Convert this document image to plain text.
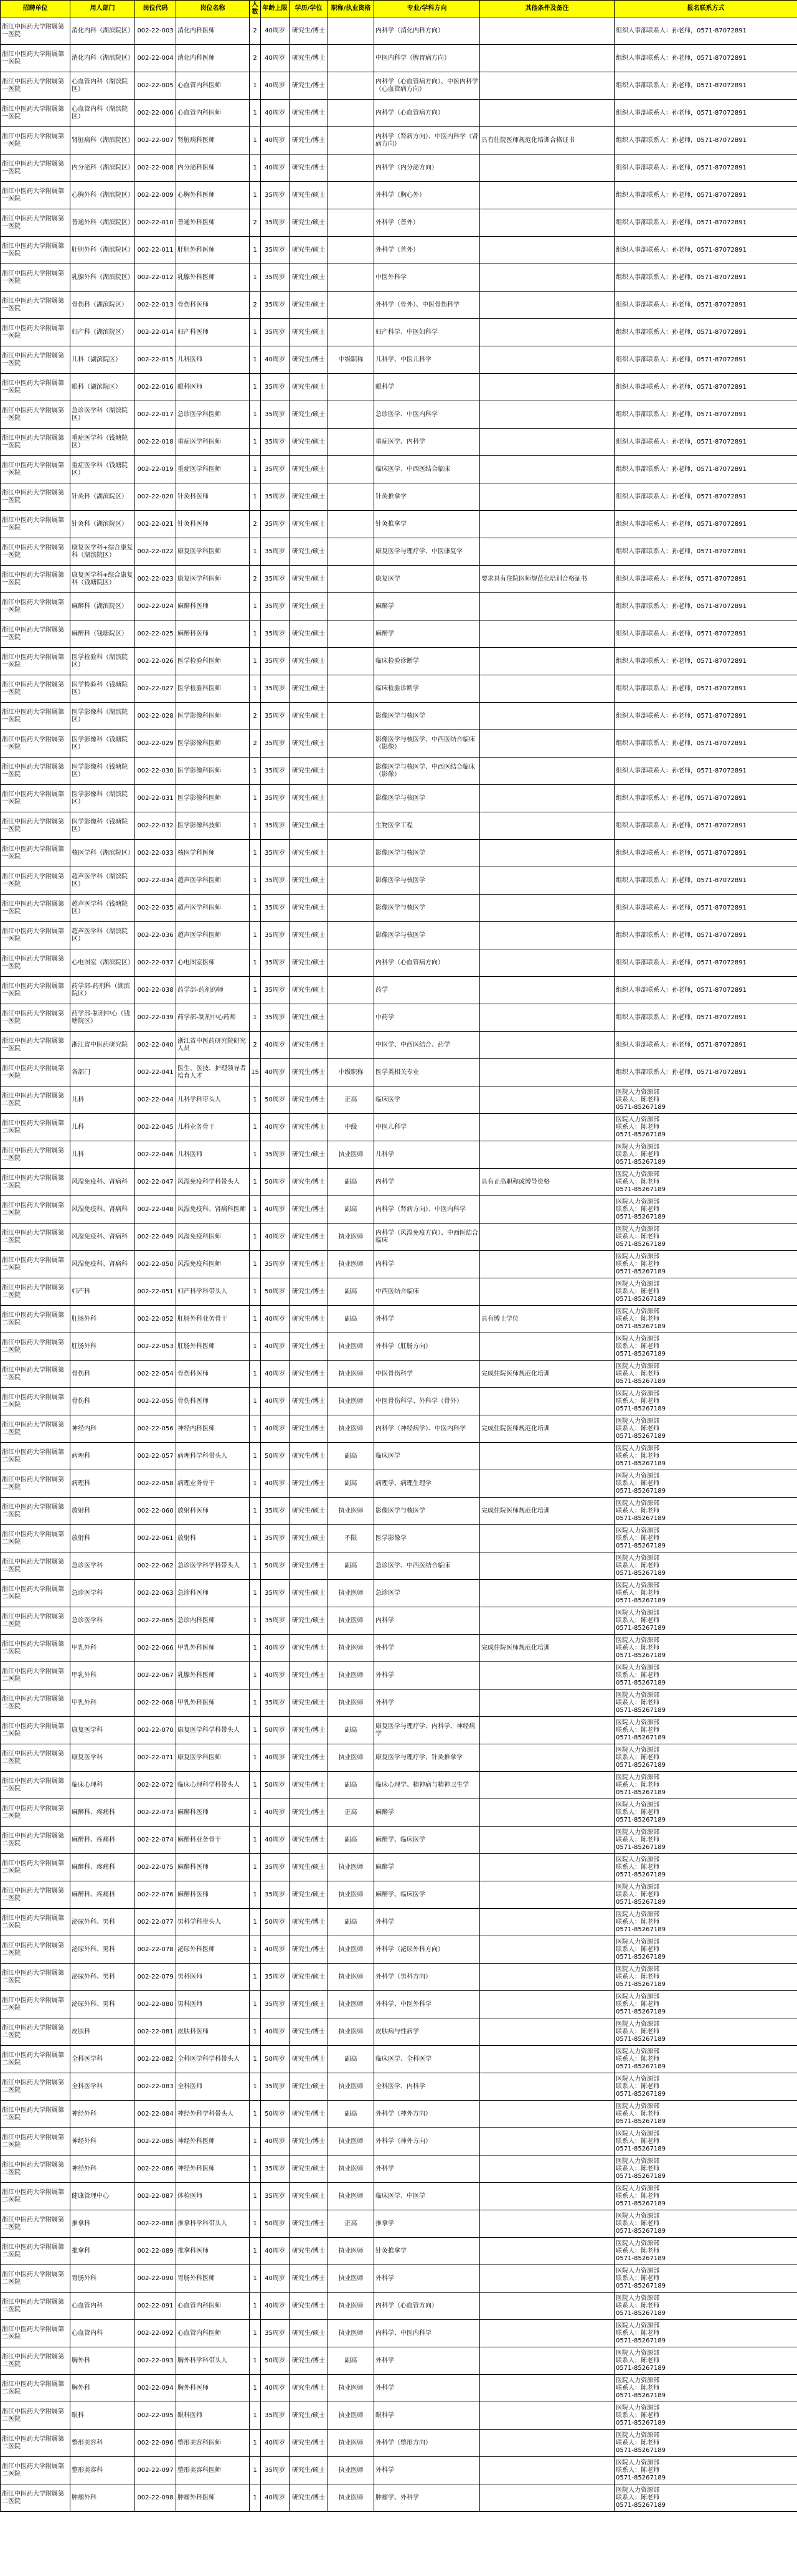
招聘单位	用人部门	岗位代码	岗位名称	人数	年龄上限	学历/学位	职称/执业资格	专业/学科方向	其他条件及备注	报名联系方式
浙江中医药大学附属第一医院	消化内科（湖滨院区）	002-22-003	消化内科医师	2	40周岁	研究生/博士		内科学（消化内科方向）		组织人事部联系人：孙老师，0571-87072891
浙江中医药大学附属第一医院	消化内科（湖滨院区）	002-22-004	消化内科医师	2	40周岁	研究生/博士		中医内科学（脾胃病方向）		组织人事部联系人：孙老师，0571-87072891
浙江中医药大学附属第一医院	心血管内科（湖滨院区）	002-22-005	心血管内科医师	1	40周岁	研究生/博士		内科学（心血管病方向）、中医内科学（心血管病方向）		组织人事部联系人：孙老师，0571-87072891
浙江中医药大学附属第一医院	心血管内科（湖滨院区）	002-22-006	心血管内科医师	1	40周岁	研究生/博士		内科学（心血管病方向）		组织人事部联系人：孙老师，0571-87072891
浙江中医药大学附属第一医院	肾脏病科（湖滨院区）	002-22-007	肾脏病科医师	1	40周岁	研究生/博士		内科学（肾病方向）、中医内科学（肾病方向）	具有住院医师规范化培训合格证书	组织人事部联系人：孙老师，0571-87072891
浙江中医药大学附属第一医院	内分泌科（湖滨院区）	002-22-008	内分泌科医师	1	40周岁	研究生/博士		内科学（内分泌方向）		组织人事部联系人：孙老师，0571-87072891
浙江中医药大学附属第一医院	心胸外科（湖滨院区）	002-22-009	心胸外科医师	1	35周岁	研究生/硕士		外科学（胸心外）		组织人事部联系人：孙老师，0571-87072891
浙江中医药大学附属第一医院	普通外科（湖滨院区）	002-22-010	普通外科医师	2	35周岁	研究生/硕士		外科学（普外）		组织人事部联系人：孙老师，0571-87072891
浙江中医药大学附属第一医院	肝胆外科（湖滨院区）	002-22-011	肝胆外科医师	1	35周岁	研究生/硕士		外科学（普外）		组织人事部联系人：孙老师，0571-87072891
浙江中医药大学附属第一医院	乳腺外科（湖滨院区）	002-22-012	乳腺外科医师	1	35周岁	研究生/硕士		中医外科学		组织人事部联系人：孙老师，0571-87072891
浙江中医药大学附属第一医院	骨伤科（湖滨院区）	002-22-013	骨伤科医师	2	35周岁	研究生/硕士		外科学（骨外）、中医骨伤科学		组织人事部联系人：孙老师，0571-87072891
浙江中医药大学附属第一医院	妇产科（湖滨院区）	002-22-014	妇产科医师	1	35周岁	研究生/硕士		妇产科学、中医妇科学		组织人事部联系人：孙老师，0571-87072891
浙江中医药大学附属第一医院	儿科（湖滨院区）	002-22-015	儿科医师	1	40周岁	研究生/博士	中级职称	儿科学、中医儿科学		组织人事部联系人：孙老师，0571-87072891
浙江中医药大学附属第一医院	眼科（湖滨院区）	002-22-016	眼科医师	1	35周岁	研究生/硕士		眼科学		组织人事部联系人：孙老师，0571-87072891
浙江中医药大学附属第一医院	急诊医学科（湖滨院区）	002-22-017	急诊医学科医师	1	35周岁	研究生/硕士		急诊医学、中医内科学		组织人事部联系人：孙老师，0571-87072891
浙江中医药大学附属第一医院	重症医学科（钱塘院区）	002-22-018	重症医学科医师	1	35周岁	研究生/硕士		重症医学、内科学		组织人事部联系人：孙老师，0571-87072891
浙江中医药大学附属第一医院	重症医学科（钱塘院区）	002-22-019	重症医学科医师	1	35周岁	研究生/硕士		临床医学、中西医结合临床		组织人事部联系人：孙老师，0571-87072891
浙江中医药大学附属第一医院	针灸科（湖滨院区）	002-22-020	针灸科医师	1	35周岁	研究生/硕士		针灸推拿学		组织人事部联系人：孙老师，0571-87072891
浙江中医药大学附属第一医院	针灸科（湖滨院区）	002-22-021	针灸科医师	2	35周岁	研究生/硕士		针灸推拿学		组织人事部联系人：孙老师，0571-87072891
浙江中医药大学附属第一医院	康复医学科+综合康复科（湖滨院区）	002-22-022	康复医学科医师	1	35周岁	研究生/硕士		康复医学与理疗学、中医康复学		组织人事部联系人：孙老师，0571-87072891
浙江中医药大学附属第一医院	康复医学科+综合康复科（钱塘院区）	002-22-023	康复医学科医师	2	35周岁	研究生/硕士		康复医学	要求具有住院医师规范化培训合格证书	组织人事部联系人：孙老师，0571-87072891
浙江中医药大学附属第一医院	麻醉科（湖滨院区）	002-22-024	麻醉科医师	1	35周岁	研究生/硕士		麻醉学		组织人事部联系人：孙老师，0571-87072891
浙江中医药大学附属第一医院	麻醉科（钱塘院区）	002-22-025	麻醉科医师	1	35周岁	研究生/硕士		麻醉学		组织人事部联系人：孙老师，0571-87072891
浙江中医药大学附属第一医院	医学检验科（湖滨院区）	002-22-026	医学检验科医师	1	35周岁	研究生/硕士		临床检验诊断学		组织人事部联系人：孙老师，0571-87072891
浙江中医药大学附属第一医院	医学检验科（钱塘院区）	002-22-027	医学检验科医师	1	35周岁	研究生/硕士		临床检验诊断学		组织人事部联系人：孙老师，0571-87072891
浙江中医药大学附属第一医院	医学影像科（湖滨院区）	002-22-028	医学影像科医师	2	35周岁	研究生/硕士		影像医学与核医学		组织人事部联系人：孙老师，0571-87072891
浙江中医药大学附属第一医院	医学影像科（钱塘院区）	002-22-029	医学影像科医师	2	35周岁	研究生/硕士		影像医学与核医学、中西医结合临床（影像）		组织人事部联系人：孙老师，0571-87072891
浙江中医药大学附属第一医院	医学影像科（钱塘院区）	002-22-030	医学影像科医师	1	35周岁	研究生/硕士		影像医学与核医学、中西医结合临床（影像）		组织人事部联系人：孙老师，0571-87072891
浙江中医药大学附属第一医院	医学影像科（湖滨院区）	002-22-031	医学影像科医师	1	35周岁	研究生/硕士		影像医学与核医学		组织人事部联系人：孙老师，0571-87072891
浙江中医药大学附属第一医院	医学影像科（钱塘院区）	002-22-032	医学影像科技师	1	35周岁	研究生/硕士		生物医学工程		组织人事部联系人：孙老师，0571-87072891
浙江中医药大学附属第一医院	核医学科（湖滨院区）	002-22-033	核医学科医师	1	35周岁	研究生/硕士		影像医学与核医学		组织人事部联系人：孙老师，0571-87072891
浙江中医药大学附属第一医院	超声医学科（湖滨院区）	002-22-034	超声医学科医师	1	35周岁	研究生/硕士		影像医学与核医学		组织人事部联系人：孙老师，0571-87072891
浙江中医药大学附属第一医院	超声医学科（钱塘院区）	002-22-035	超声医学科医师	1	35周岁	研究生/硕士		影像医学与核医学		组织人事部联系人：孙老师，0571-87072891
浙江中医药大学附属第一医院	超声医学科（湖滨院区）	002-22-036	超声医学科医师	1	35周岁	研究生/硕士		影像医学与核医学		组织人事部联系人：孙老师，0571-87072891
浙江中医药大学附属第一医院	心电图室（湖滨院区）	002-22-037	心电图室医师	1	35周岁	研究生/硕士		内科学（心血管病方向）		组织人事部联系人：孙老师，0571-87072891
浙江中医药大学附属第一医院	药学部-药剂科（湖滨院区）	002-22-038	药学部-药剂药师	1	35周岁	研究生/硕士		药学		组织人事部联系人：孙老师，0571-87072891
浙江中医药大学附属第一医院	药学部-制剂中心（钱塘院区）	002-22-039	药学部-制剂中心药师	1	35周岁	研究生/硕士		中药学		组织人事部联系人：孙老师，0571-87072891
浙江中医药大学附属第一医院	浙江省中医药研究院	002-22-040	浙江省中医药研究院研究人员	2	40周岁	研究生/博士		中医学、中西医结合、药学		组织人事部联系人：孙老师，0571-87072891
浙江中医药大学附属第一医院	各部门	002-22-041	医生、医技、护理领导者培育人才	15	40周岁	研究生/博士	中级职称	医学类相关专业		组织人事部联系人：孙老师，0571-87072891
浙江中医药大学附属第二医院	儿科	002-22-044	儿科学科带头人	1	50周岁	研究生/博士	正高	临床医学		医院人力资源部
联系人：陈老师
0571-85267189
浙江中医药大学附属第二医院	儿科	002-22-045	儿科业务骨干	1	40周岁	研究生/博士	中级	中医儿科学		医院人力资源部
联系人：陈老师
0571-85267189
浙江中医药大学附属第二医院	儿科	002-22-046	儿科医师	1	35周岁	研究生/硕士	执业医师	儿科学		医院人力资源部
联系人：陈老师
0571-85267189
浙江中医药大学附属第二医院	风湿免疫科、肾病科	002-22-047	风湿免疫科学科带头人	1	50周岁	研究生/博士	副高	内科学	具有正高职称或博导资格	医院人力资源部
联系人：陈老师
0571-85267189
浙江中医药大学附属第二医院	风湿免疫科、肾病科	002-22-048	风湿免疫科、肾病科医师	1	40周岁	研究生/博士	副高	内科学（肾病方向）、中医内科学		医院人力资源部
联系人：陈老师
0571-85267189
浙江中医药大学附属第二医院	风湿免疫科、肾病科	002-22-049	风湿免疫科医师	1	40周岁	研究生/博士	执业医师	内科学（风湿免疫方向）、中西医结合临床		医院人力资源部
联系人：陈老师
0571-85267189
浙江中医药大学附属第二医院	风湿免疫科、肾病科	002-22-050	风湿免疫科医师	1	35周岁	研究生/博士	执业医师	内科学		医院人力资源部
联系人：陈老师
0571-85267189
浙江中医药大学附属第二医院	妇产科	002-22-051	妇产科学科带头人	1	50周岁	研究生/博士	副高	中西医结合临床		医院人力资源部
联系人：陈老师
0571-85267189
浙江中医药大学附属第二医院	肛肠外科	002-22-052	肛肠外科业务骨干	1	40周岁	研究生/博士	副高	外科学	具有博士学位	医院人力资源部
联系人：陈老师
0571-85267189
浙江中医药大学附属第二医院	肛肠外科	002-22-053	肛肠外科医师	1	40周岁	研究生/博士	执业医师	外科学（肛肠方向）		医院人力资源部
联系人：陈老师
0571-85267189
浙江中医药大学附属第二医院	骨伤科	002-22-054	骨伤科医师	1	40周岁	研究生/博士	执业医师	中医骨伤科学	完成住院医师规范化培训	医院人力资源部
联系人：陈老师
0571-85267189
浙江中医药大学附属第二医院	骨伤科	002-22-055	骨伤科医师	1	40周岁	研究生/博士	执业医师	中医骨伤科学、外科学（骨外）		医院人力资源部
联系人：陈老师
0571-85267189
浙江中医药大学附属第二医院	神经内科	002-22-056	神经内科医师	1	40周岁	研究生/博士	执业医师	内科学（神经病学）、中医内科学	完成住院医师规范化培训	医院人力资源部
联系人：陈老师
0571-85267189
浙江中医药大学附属第二医院	病理科	002-22-057	病理科学科带头人	1	50周岁	研究生/博士	副高	临床医学		医院人力资源部
联系人：陈老师
0571-85267189
浙江中医药大学附属第二医院	病理科	002-22-058	病理业务骨干	1	40周岁	研究生/博士	副高	病理学、病理生理学		医院人力资源部
联系人：陈老师
0571-85267189
浙江中医药大学附属第二医院	放射科	002-22-060	放射科医师	1	35周岁	研究生/硕士	执业医师	影像医学与核医学	完成住院医师规范化培训	医院人力资源部
联系人：陈老师
0571-85267189
浙江中医药大学附属第二医院	放射科	002-22-061	放射科	1	35周岁	研究生/硕士	不限	医学影像学		医院人力资源部
联系人：陈老师
0571-85267189
浙江中医药大学附属第二医院	急诊医学科	002-22-062	急诊医学科学科带头人	1	50周岁	研究生/博士	副高	急诊医学、中西医结合临床		医院人力资源部
联系人：陈老师
0571-85267189
浙江中医药大学附属第二医院	急诊医学科	002-22-063	急诊科医师	1	35周岁	研究生/硕士	执业医师	急诊医学		医院人力资源部
联系人：陈老师
0571-85267189
浙江中医药大学附属第二医院	急诊医学科	002-22-065	急诊内科医师	1	35周岁	研究生/硕士	执业医师	内科学		医院人力资源部
联系人：陈老师
0571-85267189
浙江中医药大学附属第二医院	甲乳外科	002-22-066	甲乳外科医师	1	40周岁	研究生/博士	执业医师	外科学	完成住院医师规范化培训	医院人力资源部
联系人：陈老师
0571-85267189
浙江中医药大学附属第二医院	甲乳外科	002-22-067	乳腺外科医师	1	40周岁	研究生/博士	执业医师	外科学		医院人力资源部
联系人：陈老师
0571-85267189
浙江中医药大学附属第二医院	甲乳外科	002-22-068	甲乳外科医师	1	35周岁	研究生/硕士	执业医师	外科学		医院人力资源部
联系人：陈老师
0571-85267189
浙江中医药大学附属第二医院	康复医学科	002-22-070	康复医学科学科带头人	1	50周岁	研究生/博士	副高	康复医学与理疗学、内科学、神经病学		医院人力资源部
联系人：陈老师
0571-85267189
浙江中医药大学附属第二医院	康复医学科	002-22-071	康复医学科医师	1	40周岁	研究生/博士	执业医师	康复医学与理疗学、针灸推拿学		医院人力资源部
联系人：陈老师
0571-85267189
浙江中医药大学附属第二医院	临床心理科	002-22-072	临床心理科学科带头人	1	50周岁	研究生/博士	副高	临床心理学、精神病与精神卫生学		医院人力资源部
联系人：陈老师
0571-85267189
浙江中医药大学附属第二医院	麻醉科、疼痛科	002-22-073	麻醉科医师	1	40周岁	研究生/博士	正高	麻醉学		医院人力资源部
联系人：陈老师
0571-85267189
浙江中医药大学附属第二医院	麻醉科、疼痛科	002-22-074	麻醉科业务骨干	1	40周岁	研究生/博士	副高	麻醉学、临床医学		医院人力资源部
联系人：陈老师
0571-85267189
浙江中医药大学附属第二医院	麻醉科、疼痛科	002-22-075	麻醉科医师	1	35周岁	研究生/硕士	执业医师	麻醉学		医院人力资源部
联系人：陈老师
0571-85267189
浙江中医药大学附属第二医院	麻醉科、疼痛科	002-22-076	麻醉科医师	1	35周岁	研究生/硕士	执业医师	麻醉学、临床医学		医院人力资源部
联系人：陈老师
0571-85267189
浙江中医药大学附属第二医院	泌尿外科、男科	002-22-077	男科学科带头人	1	50周岁	研究生/博士	副高	外科学		医院人力资源部
联系人：陈老师
0571-85267189
浙江中医药大学附属第二医院	泌尿外科、男科	002-22-078	泌尿外科医师	1	40周岁	研究生/博士	执业医师	外科学（泌尿外科方向）		医院人力资源部
联系人：陈老师
0571-85267189
浙江中医药大学附属第二医院	泌尿外科、男科	002-22-079	男科医师	1	35周岁	研究生/硕士	执业医师	外科学（男科方向）		医院人力资源部
联系人：陈老师
0571-85267189
浙江中医药大学附属第二医院	泌尿外科、男科	002-22-080	男科医师	1	35周岁	研究生/硕士	执业医师	外科学、中医外科学		医院人力资源部
联系人：陈老师
0571-85267189
浙江中医药大学附属第二医院	皮肤科	002-22-081	皮肤科医师	1	40周岁	研究生/博士	执业医师	皮肤病与性病学		医院人力资源部
联系人：陈老师
0571-85267189
浙江中医药大学附属第二医院	全科医学科	002-22-082	全科医学科学科带头人	1	50周岁	研究生/博士	副高	临床医学、全科医学		医院人力资源部
联系人：陈老师
0571-85267189
浙江中医药大学附属第二医院	全科医学科	002-22-083	全科医师	1	35周岁	研究生/硕士	执业医师	全科医学、内科学		医院人力资源部
联系人：陈老师
0571-85267189
浙江中医药大学附属第二医院	神经外科	002-22-084	神经外科学科带头人	1	50周岁	研究生/博士	副高	外科学（神外方向）		医院人力资源部
联系人：陈老师
0571-85267189
浙江中医药大学附属第二医院	神经外科	002-22-085	神经外科医师	1	40周岁	研究生/博士	执业医师	外科学（神外方向）		医院人力资源部
联系人：陈老师
0571-85267189
浙江中医药大学附属第二医院	神经外科	002-22-086	神经外科医师	1	35周岁	研究生/硕士	执业医师	外科学		医院人力资源部
联系人：陈老师
0571-85267189
浙江中医药大学附属第二医院	健康管理中心	002-22-087	体检医师	1	35周岁	研究生/硕士	执业医师	临床医学、中医学		医院人力资源部
联系人：陈老师
0571-85267189
浙江中医药大学附属第二医院	推拿科	002-22-088	推拿科学科带头人	1	50周岁	研究生/博士	正高	推拿学		医院人力资源部
联系人：陈老师
0571-85267189
浙江中医药大学附属第二医院	推拿科	002-22-089	推拿科医师	1	40周岁	研究生/博士	执业医师	针灸推拿学		医院人力资源部
联系人：陈老师
0571-85267189
浙江中医药大学附属第二医院	胃肠外科	002-22-090	胃肠外科医师	1	40周岁	研究生/博士	执业医师	外科学		医院人力资源部
联系人：陈老师
0571-85267189
浙江中医药大学附属第二医院	心血管内科	002-22-091	心血管内科医师	1	40周岁	研究生/博士	执业医师	内科学（心血管方向）		医院人力资源部
联系人：陈老师
0571-85267189
浙江中医药大学附属第二医院	心血管内科	002-22-092	心血管内科医师	1	35周岁	研究生/硕士	执业医师	内科学、中医内科学		医院人力资源部
联系人：陈老师
0571-85267189
浙江中医药大学附属第二医院	胸外科	002-22-093	胸外科学科带头人	1	50周岁	研究生/博士	副高	外科学		医院人力资源部
联系人：陈老师
0571-85267189
浙江中医药大学附属第二医院	胸外科	002-22-094	胸外科医师	1	40周岁	研究生/博士	执业医师	外科学		医院人力资源部
联系人：陈老师
0571-85267189
浙江中医药大学附属第二医院	眼科	002-22-095	眼科医师	1	35周岁	研究生/硕士	执业医师	眼科学		医院人力资源部
联系人：陈老师
0571-85267189
浙江中医药大学附属第二医院	整形美容科	002-22-096	整形美容科医师	1	40周岁	研究生/博士	执业医师	外科学（整形方向）		医院人力资源部
联系人：陈老师
0571-85267189
浙江中医药大学附属第二医院	整形美容科	002-22-097	整形美容科医师	1	35周岁	研究生/硕士	执业医师	外科学		医院人力资源部
联系人：陈老师
0571-85267189
浙江中医药大学附属第二医院	肿瘤外科	002-22-098	肿瘤外科医师	1	40周岁	研究生/博士	执业医师	肿瘤学、外科学		医院人力资源部
联系人：陈老师
0571-85267189
